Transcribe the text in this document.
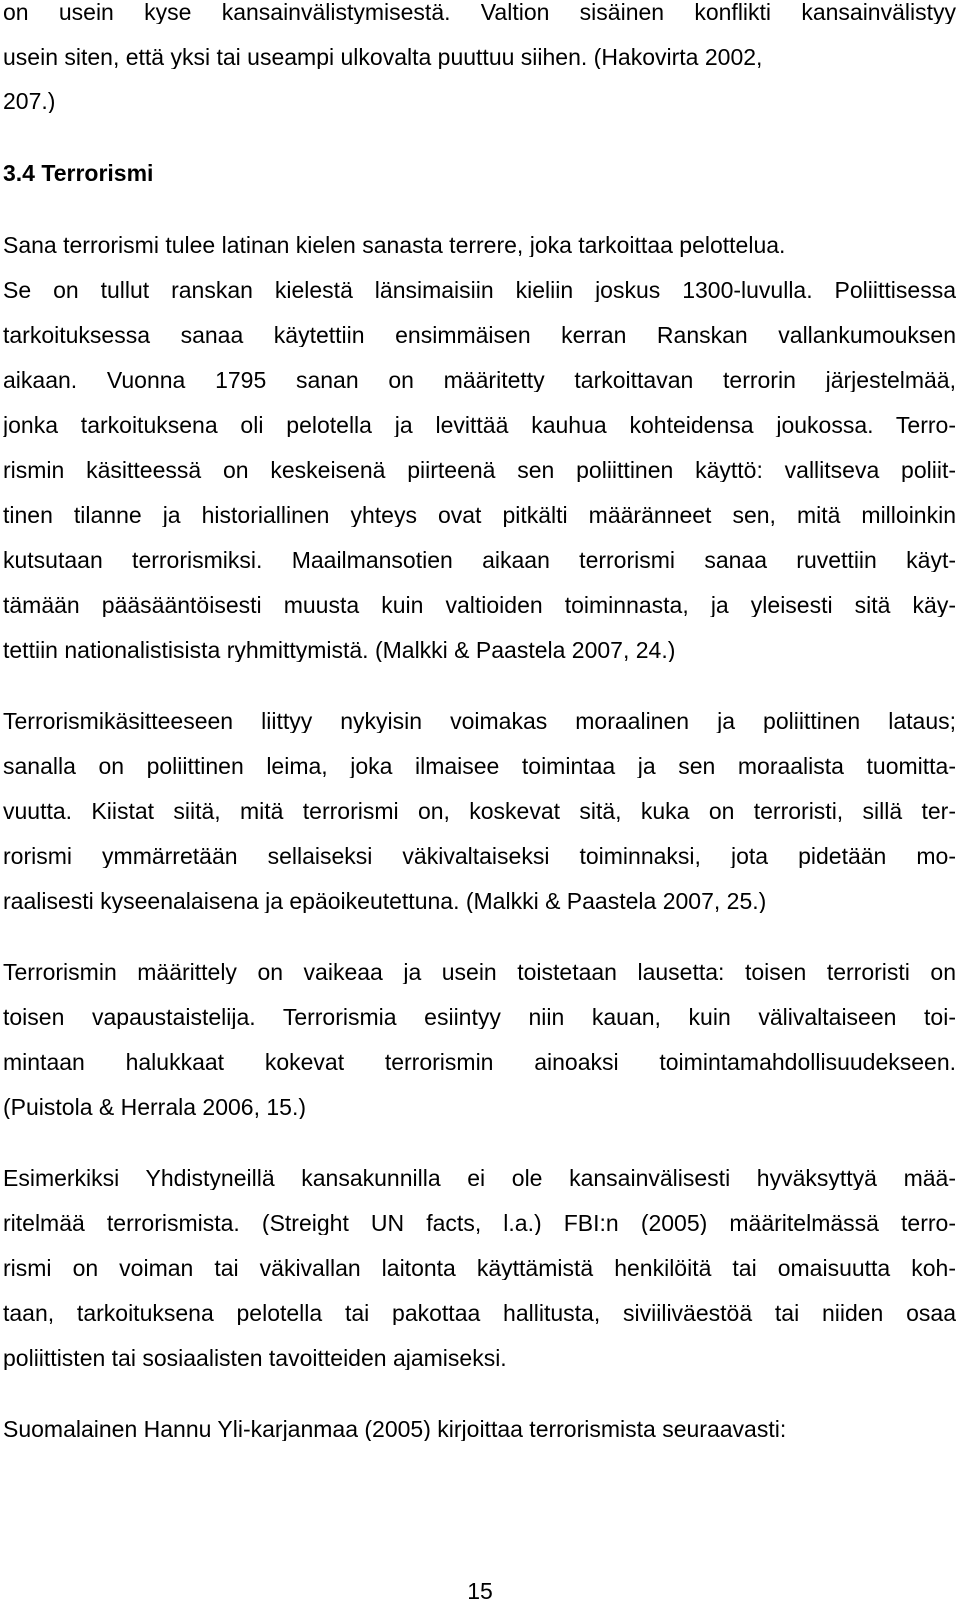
on usein kyse kansainvälistymisestä. Valtion sisäinen konflikti kansainvälistyy
usein siten, että yksi tai useampi ulkovalta puuttuu siihen. (Hakovirta 2002,
207.)
3.4 Terrorismi
Sana terrorismi tulee latinan kielen sanasta terrere, joka tarkoittaa pelottelua.
Se on tullut ranskan kielestä länsimaisiin kieliin joskus 1300-luvulla. Poliittisessa
tarkoituksessa sanaa käytettiin ensimmäisen kerran Ranskan vallankumouksen
aikaan. Vuonna 1795 sanan on määritetty tarkoittavan terrorin järjestelmää,
jonka tarkoituksena oli pelotella ja levittää kauhua kohteidensa joukossa. Terro-
rismin käsitteessä on keskeisenä piirteenä sen poliittinen käyttö: vallitseva poliit-
tinen tilanne ja historiallinen yhteys ovat pitkälti määränneet sen, mitä milloinkin
kutsutaan terrorismiksi. Maailmansotien aikaan terrorismi sanaa ruvettiin käyt-
tämään pääsääntöisesti muusta kuin valtioiden toiminnasta, ja yleisesti sitä käy-
tettiin nationalistisista ryhmittymistä. (Malkki & Paastela 2007, 24.)
Terrorismikäsitteeseen liittyy nykyisin voimakas moraalinen ja poliittinen lataus;
sanalla on poliittinen leima, joka ilmaisee toimintaa ja sen moraalista tuomitta-
vuutta. Kiistat siitä, mitä terrorismi on, koskevat sitä, kuka on terroristi, sillä ter-
rorismi ymmärretään sellaiseksi väkivaltaiseksi toiminnaksi, jota pidetään mo-
raalisesti kyseenalaisena ja epäoikeutettuna. (Malkki & Paastela 2007, 25.)
Terrorismin määrittely on vaikeaa ja usein toistetaan lausetta: toisen terroristi on
toisen vapaustaistelija. Terrorismia esiintyy niin kauan, kuin välivaltaiseen toi-
mintaan halukkaat kokevat terrorismin ainoaksi toimintamahdollisuudekseen.
(Puistola & Herrala 2006, 15.)
Esimerkiksi Yhdistyneillä kansakunnilla ei ole kansainvälisesti hyväksyttyä mää-
ritelmää terrorismista. (Streight UN facts, l.a.) FBI:n (2005) määritelmässä terro-
rismi on voiman tai väkivallan laitonta käyttämistä henkilöitä tai omaisuutta koh-
taan, tarkoituksena pelotella tai pakottaa hallitusta, siviiliväestöä tai niiden osaa
poliittisten tai sosiaalisten tavoitteiden ajamiseksi.
Suomalainen Hannu Yli-karjanmaa (2005) kirjoittaa terrorismista seuraavasti:
15
